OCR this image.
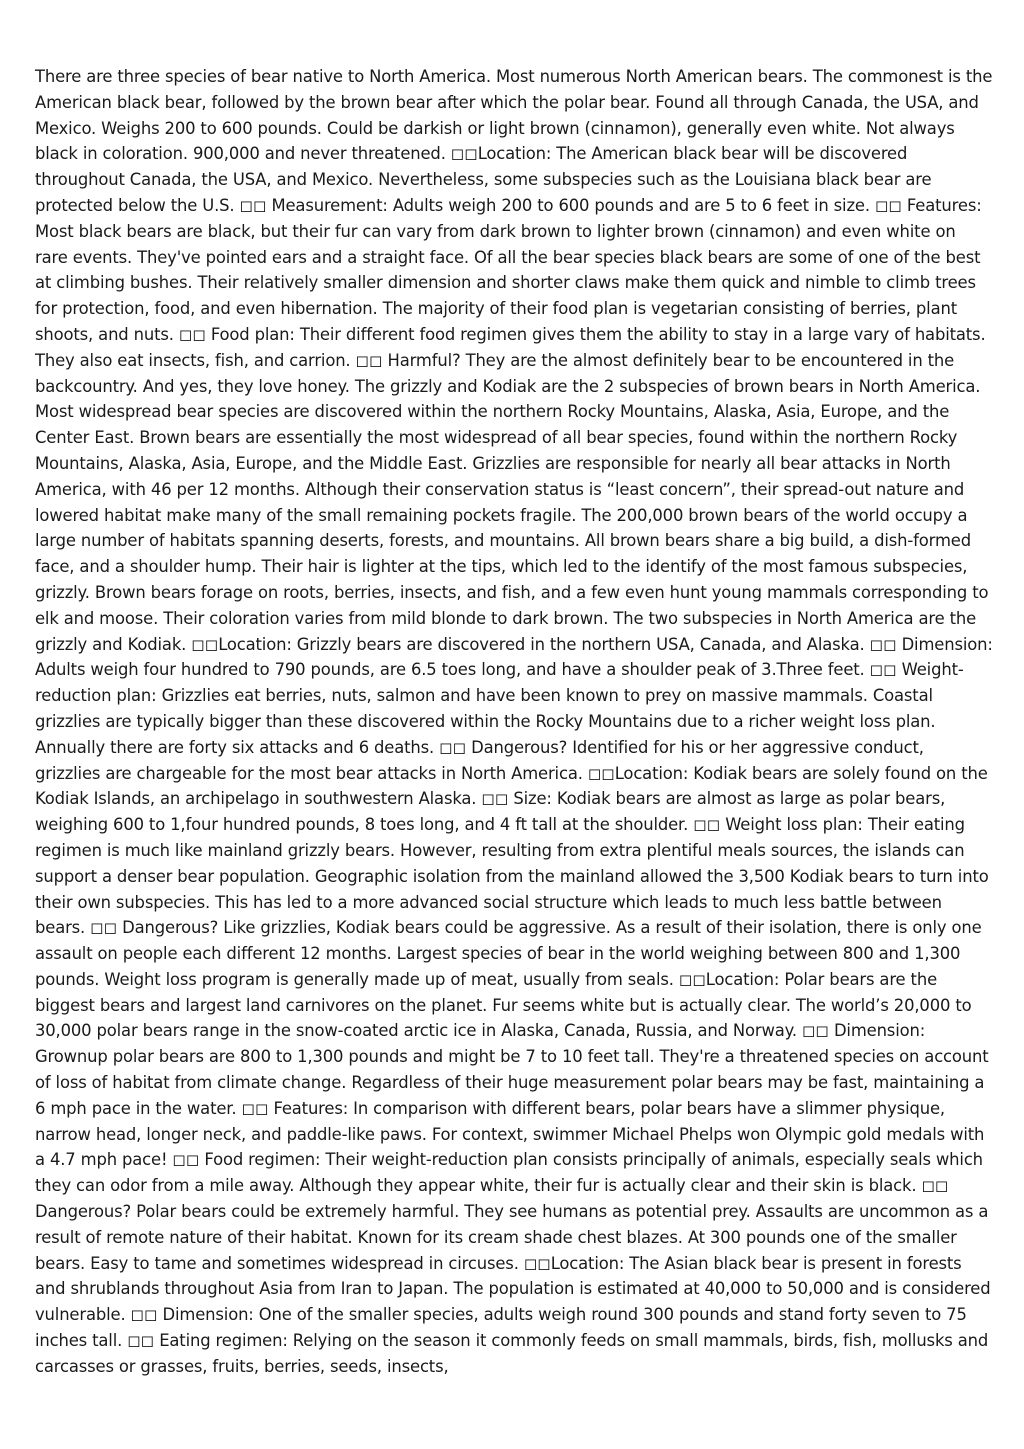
There are three species of bear native to North America. Most numerous North American bears. The commonest is the American black bear, followed by the brown bear after which the polar bear. Found all through Canada, the USA, and Mexico. Weighs 200 to 600 pounds. Could be darkish or light brown (cinnamon), generally even white. Not always black in coloration. 900,000 and never threatened. ◻◻Location: The American black bear will be discovered throughout Canada, the USA, and Mexico. Nevertheless, some subspecies such as the Louisiana black bear are protected below the U.S. ◻◻ Measurement: Adults weigh 200 to 600 pounds and are 5 to 6 feet in size. ◻◻ Features: Most black bears are black, but their fur can vary from dark brown to lighter brown (cinnamon) and even white on rare events. They've pointed ears and a straight face. Of all the bear species black bears are some of one of the best at climbing bushes. Their relatively smaller dimension and shorter claws make them quick and nimble to climb trees for protection, food, and even hibernation. The majority of their food plan is vegetarian consisting of berries, plant shoots, and nuts. ◻◻ Food plan: Their different food regimen gives them the ability to stay in a large vary of habitats. They also eat insects, fish, and carrion. ◻◻ Harmful? They are the almost definitely bear to be encountered in the backcountry. And yes, they love honey. The grizzly and Kodiak are the 2 subspecies of brown bears in North America. Most widespread bear species are discovered within the northern Rocky Mountains, Alaska, Asia, Europe, and the Center East. Brown bears are essentially the most widespread of all bear species, found within the northern Rocky Mountains, Alaska, Asia, Europe, and the Middle East. Grizzlies are responsible for nearly all bear attacks in North America, with 46 per 12 months. Although their conservation status is “least concern”, their spread-out nature and lowered habitat make many of the small remaining pockets fragile. The 200,000 brown bears of the world occupy a large number of habitats spanning deserts, forests, and mountains. All brown bears share a big build, a dish-formed face, and a shoulder hump. Their hair is lighter at the tips, which led to the identify of the most famous subspecies, grizzly. Brown bears forage on roots, berries, insects, and fish, and a few even hunt young mammals corresponding to elk and moose. Their coloration varies from mild blonde to dark brown. The two subspecies in North America are the grizzly and Kodiak. ◻◻Location: Grizzly bears are discovered in the northern USA, Canada, and Alaska. ◻◻ Dimension: Adults weigh four hundred to 790 pounds, are 6.5 toes long, and have a shoulder peak of 3.Three feet. ◻◻ Weight-reduction plan: Grizzlies eat berries, nuts, salmon and have been known to prey on massive mammals. Coastal grizzlies are typically bigger than these discovered within the Rocky Mountains due to a richer weight loss plan. Annually there are forty six attacks and 6 deaths. ◻◻ Dangerous? Identified for his or her aggressive conduct, grizzlies are chargeable for the most bear attacks in North America. ◻◻Location: Kodiak bears are solely found on the Kodiak Islands, an archipelago in southwestern Alaska. ◻◻ Size: Kodiak bears are almost as large as polar bears, weighing 600 to 1,four hundred pounds, 8 toes long, and 4 ft tall at the shoulder. ◻◻ Weight loss plan: Their eating regimen is much like mainland grizzly bears. However, resulting from extra plentiful meals sources, the islands can support a denser bear population. Geographic isolation from the mainland allowed the 3,500 Kodiak bears to turn into their own subspecies. This has led to a more advanced social structure which leads to much less battle between bears. ◻◻ Dangerous? Like grizzlies, Kodiak bears could be aggressive. As a result of their isolation, there is only one assault on people each different 12 months. Largest species of bear in the world weighing between 800 and 1,300 pounds. Weight loss program is generally made up of meat, usually from seals. ◻◻Location: Polar bears are the biggest bears and largest land carnivores on the planet. Fur seems white but is actually clear. The world’s 20,000 to 30,000 polar bears range in the snow-coated arctic ice in Alaska, Canada, Russia, and Norway. ◻◻ Dimension: Grownup polar bears are 800 to 1,300 pounds and might be 7 to 10 feet tall. They're a threatened species on account of loss of habitat from climate change. Regardless of their huge measurement polar bears may be fast, maintaining a 6 mph pace in the water. ◻◻ Features: In comparison with different bears, polar bears have a slimmer physique, narrow head, longer neck, and paddle-like paws. For context, swimmer Michael Phelps won Olympic gold medals with a 4.7 mph pace! ◻◻ Food regimen: Their weight-reduction plan consists principally of animals, especially seals which they can odor from a mile away. Although they appear white, their fur is actually clear and their skin is black. ◻◻ Dangerous? Polar bears could be extremely harmful. They see humans as potential prey. Assaults are uncommon as a result of remote nature of their habitat. Known for its cream shade chest blazes. At 300 pounds one of the smaller bears. Easy to tame and sometimes widespread in circuses. ◻◻Location: The Asian black bear is present in forests and shrublands throughout Asia from Iran to Japan. The population is estimated at 40,000 to 50,000 and is considered vulnerable. ◻◻ Dimension: One of the smaller species, adults weigh round 300 pounds and stand forty seven to 75 inches tall. ◻◻ Eating regimen: Relying on the season it commonly feeds on small mammals, birds, fish, mollusks and carcasses or grasses, fruits, berries, seeds, insects,
